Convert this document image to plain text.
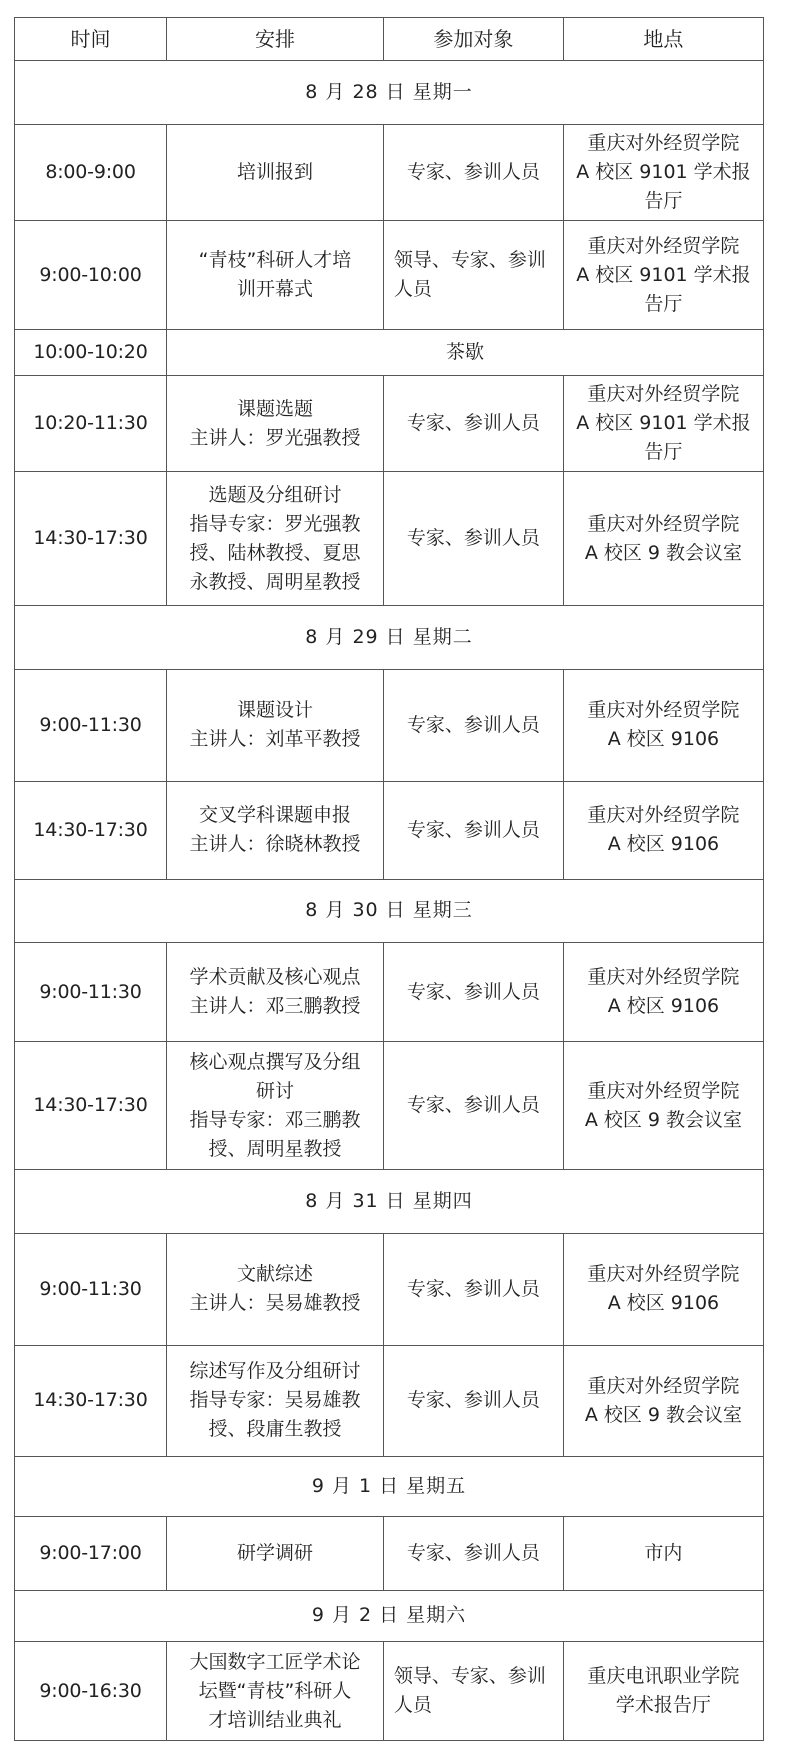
时间	安排	参加对象	地点
8 月 28 日 星期一			
8:00-9:00	培训报到	专家、参训人员	重庆对外经贸学院
A 校区 9101 学术报
告厅

9:00-10:00	“青枝”科研人才培
训开幕式	领导、专家、参训
人员	重庆对外经贸学院
A 校区 9101 学术报
告厅

10:00-10:20	茶歇		
10:20-11:30	课题选题
主讲人：罗光强教授	专家、参训人员	重庆对外经贸学院
A 校区 9101 学术报
告厅

14:30-17:30	选题及分组研讨
指导专家：罗光强教
授、陆林教授、夏思
永教授、周明星教授	专家、参训人员	重庆对外经贸学院
A 校区 9 教会议室

8 月 29 日 星期二			
9:00-11:30	课题设计
主讲人：刘革平教授	专家、参训人员	重庆对外经贸学院
A 校区 9106

14:30-17:30	交叉学科课题申报
主讲人：徐晓林教授	专家、参训人员	重庆对外经贸学院
A 校区 9106

8 月 30 日 星期三			
9:00-11:30	学术贡献及核心观点
主讲人：邓三鹏教授	专家、参训人员	重庆对外经贸学院
A 校区 9106

14:30-17:30	核心观点撰写及分组
研讨
指导专家：邓三鹏教
授、周明星教授	专家、参训人员	重庆对外经贸学院
A 校区 9 教会议室

8 月 31 日 星期四			
9:00-11:30	文献综述
主讲人：吴易雄教授	专家、参训人员	重庆对外经贸学院
A 校区 9106

14:30-17:30	综述写作及分组研讨
指导专家：吴易雄教
授、段庸生教授	专家、参训人员	重庆对外经贸学院
A 校区 9 教会议室

9 月 1 日 星期五			
9:00-17:00	研学调研	专家、参训人员	市内

9 月 2 日 星期六			
9:00-16:30	大国数字工匠学术论
坛暨“青枝”科研人
才培训结业典礼	领导、专家、参训
人员	重庆电讯职业学院
学术报告厅
